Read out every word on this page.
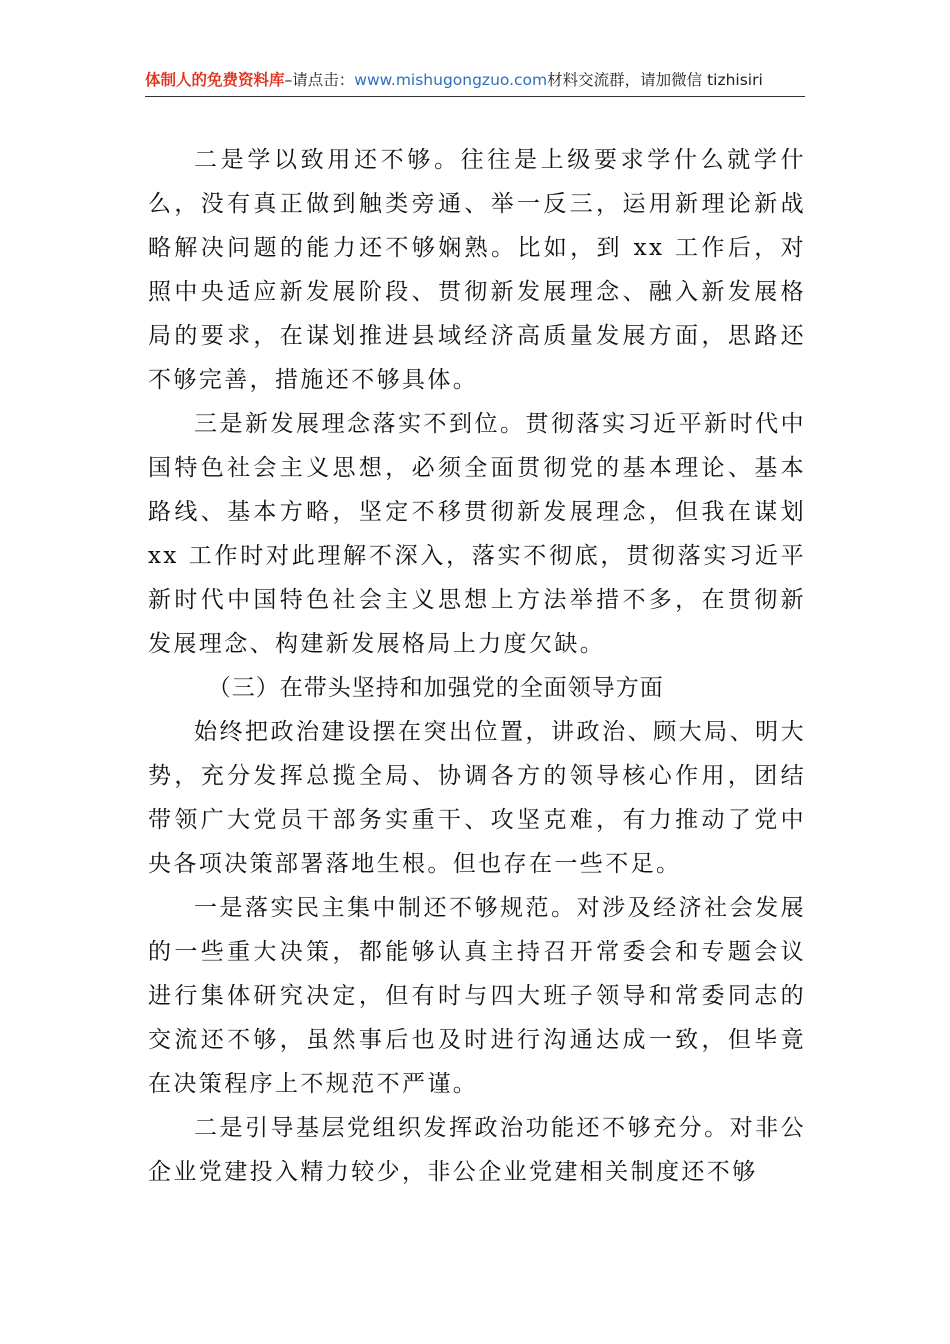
体制人的免费资料库–请点击：www.mishugongzuo.com材料交流群，请加微信 tizhisiri

二是学以致用还不够。往往是上级要求学什么就学什么，没有真正做到触类旁通、举一反三，运用新理论新战略解决问题的能力还不够娴熟。比如，到 xx 工作后，对照中央适应新发展阶段、贯彻新发展理念、融入新发展格局的要求，在谋划推进县域经济高质量发展方面，思路还不够完善，措施还不够具体。

三是新发展理念落实不到位。贯彻落实习近平新时代中国特色社会主义思想，必须全面贯彻党的基本理论、基本路线、基本方略，坚定不移贯彻新发展理念，但我在谋划 xx 工作时对此理解不深入，落实不彻底，贯彻落实习近平新时代中国特色社会主义思想上方法举措不多，在贯彻新发展理念、构建新发展格局上力度欠缺。

（三）在带头坚持和加强党的全面领导方面

始终把政治建设摆在突出位置，讲政治、顾大局、明大势，充分发挥总揽全局、协调各方的领导核心作用，团结带领广大党员干部务实重干、攻坚克难，有力推动了党中央各项决策部署落地生根。但也存在一些不足。

一是落实民主集中制还不够规范。对涉及经济社会发展的一些重大决策，都能够认真主持召开常委会和专题会议进行集体研究决定，但有时与四大班子领导和常委同志的交流还不够，虽然事后也及时进行沟通达成一致，但毕竟在决策程序上不规范不严谨。

二是引导基层党组织发挥政治功能还不够充分。对非公企业党建投入精力较少，非公企业党建相关制度还不够
